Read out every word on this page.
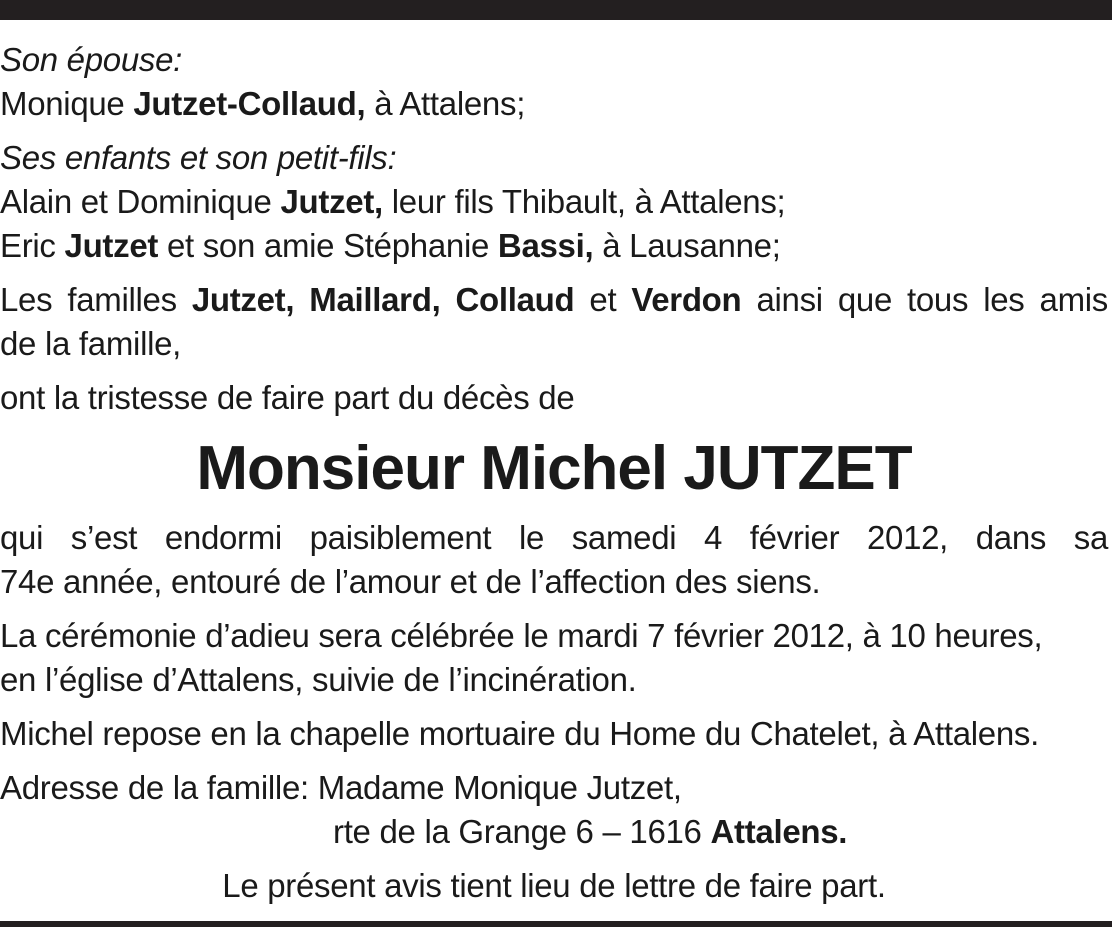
Son épouse:
Monique Jutzet-Collaud, à Attalens;
Ses enfants et son petit-fils:
Alain et Dominique Jutzet, leur fils Thibault, à Attalens;
Eric Jutzet et son amie Stéphanie Bassi, à Lausanne;
Les familles Jutzet, Maillard, Collaud et Verdon ainsi que tous les amis
de la famille,
ont la tristesse de faire part du décès de
Monsieur Michel JUTZET
qui s’est endormi paisiblement le samedi 4 février 2012, dans sa
74e année, entouré de l’amour et de l’affection des siens.
La cérémonie d’adieu sera célébrée le mardi 7 février 2012, à 10 heures,
en l’église d’Attalens, suivie de l’incinération.
Michel repose en la chapelle mortuaire du Home du Chatelet, à Attalens.
Adresse de la famille:
Madame Monique Jutzet,
rte de la Grange 6 – 1616 Attalens.
Le présent avis tient lieu de lettre de faire part.
